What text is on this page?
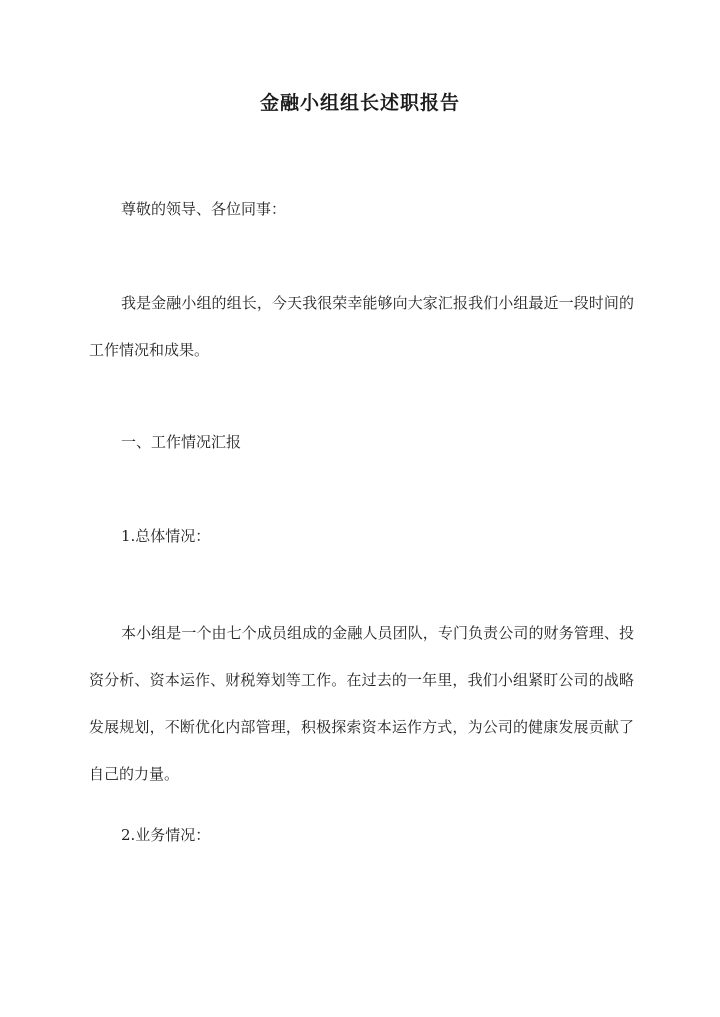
金融小组组长述职报告

尊敬的领导、各位同事：

我是金融小组的组长，今天我很荣幸能够向大家汇报我们小组最近一段时间的工作情况和成果。

一、工作情况汇报

1.总体情况：

本小组是一个由七个成员组成的金融人员团队，专门负责公司的财务管理、投资分析、资本运作、财税筹划等工作。在过去的一年里，我们小组紧盯公司的战略发展规划，不断优化内部管理，积极探索资本运作方式，为公司的健康发展贡献了自己的力量。

2.业务情况：
